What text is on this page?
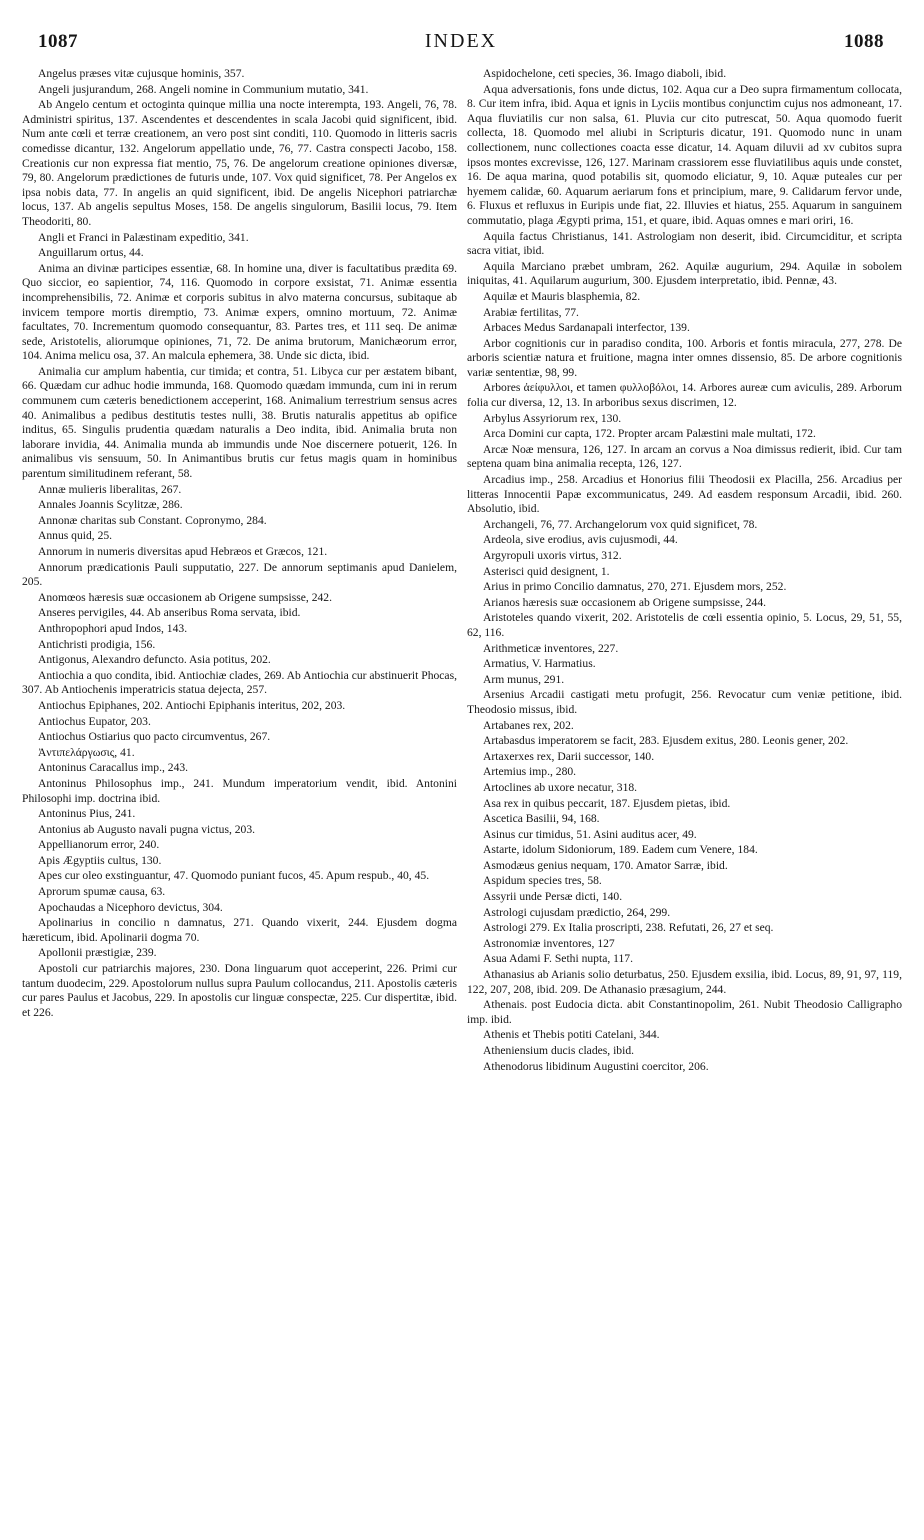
1087	INDEX	1088

Angelus præses vitæ cujusque hominis, 357.

Angeli jusjurandum, 268. Angeli nomine in Communium mutatio, 341.

Ab Angelo centum et octoginta quinque millia una nocte interempta, 193. Angeli, 76, 78. Administri spiritus, 137. Ascendentes et descendentes in scala Jacobi quid significent, ibid. Num ante cœli et terræ creationem, an vero post sint conditi, 110. Quomodo in litteris sacris comedisse dicantur, 132. Angelorum appellatio unde, 76, 77. Castra conspecti Jacobo, 158. Creationis cur non expressa fiat mentio, 75, 76. De angelorum creatione opiniones diversæ, 79, 80. Angelorum prædictiones de futuris unde, 107. Vox quid significet, 78. Per Angelos ex ipsa nobis data, 77. In angelis an quid significent, ibid. De angelis Nicephori patriarchæ locus, 137. Ab angelis sepultus Moses, 158. De angelis singulorum, Basilii locus, 79. Item Theodoriti, 80.

Angli et Franci in Palæstinam expeditio, 341.

Anguillarum ortus, 44.

Anima an divinæ participes essentiæ, 68. In homine una, diver is facultatibus prædita 69. Quo siccior, eo sapientior, 74, 116. Quomodo in corpore exsistat, 71. Animæ essentia incomprehensibilis, 72. Animæ et corporis subitus in alvo materna concursus, subitaque ab invicem tempore mortis diremptio, 73. Animæ expers, omnino mortuum, 72. Animæ facultates, 70. Incrementum quomodo consequantur, 83. Partes tres, et 111 seq. De animæ sede, Aristotelis, aliorumque opiniones, 71, 72. De anima brutorum, Manichæorum error, 104. Anima melicu osa, 37. An malcula ephemera, 38. Unde sic dicta, ibid.

Animalia cur amplum habentia, cur timida; et contra, 51. Libyca cur per æstatem bibant, 66. Quædam cur adhuc hodie immunda, 168. Quomodo quædam immunda, cum ini in rerum communem cum cæteris benedictionem acceperint, 168. Animalium terrestrium sensus acres 40. Animalibus a pedibus destitutis testes nulli, 38. Brutis naturalis appetitus ab opifice inditus, 65. Singulis prudentia quædam naturalis a Deo indita, ibid. Animalia bruta non laborare invidia, 44. Animalia munda ab immundis unde Noe discernere potuerit, 126. In animalibus vis sensuum, 50. In Animantibus brutis cur fetus magis quam in hominibus parentum similitudinem referant, 58.

Annæ mulieris liberalitas, 267.

Annales Joannis Scylitzæ, 286.

Annonæ charitas sub Constant. Copronymo, 284.

Annus quid, 25.

Annorum in numeris diversitas apud Hebræos et Græcos, 121.

Annorum prædicationis Pauli supputatio, 227. De annorum septimanis apud Danielem, 205.

Anomœos hæresis suæ occasionem ab Origene sumpsisse, 242.

Anseres pervigiles, 44. Ab anseribus Roma servata, ibid.

Anthropophori apud Indos, 143.

Antichristi prodigia, 156.

Antigonus, Alexandro defuncto. Asia potitus, 202.

Antiochia a quo condita, ibid. Antiochiæ clades, 269. Ab Antiochia cur abstinuerit Phocas, 307. Ab Antiochenis imperatricis statua dejecta, 257.

Antiochus Epiphanes, 202. Antiochi Epiphanis interitus, 202, 203.

Antiochus Eupator, 203.

Antiochus Ostiarius quo pacto circumventus, 267.

Ἀντιπελάργωσις, 41.

Antoninus Caracallus imp., 243.

Antoninus Philosophus imp., 241. Mundum imperatorium vendit, ibid. Antonini Philosophi imp. doctrina ibid.

Antoninus Pius, 241.

Antonius ab Augusto navali pugna victus, 203.

Appellianorum error, 240.

Apis Ægyptiis cultus, 130.

Apes cur oleo exstinguantur, 47. Quomodo puniant fucos, 45. Apum respub., 40, 45.

Aprorum spumæ causa, 63.

Apochaudas a Nicephoro devictus, 304.

Apolinarius in concilio n damnatus, 271. Quando vixerit, 244. Ejusdem dogma hæreticum, ibid. Apolinarii dogma 70.

Apollonii præstigiæ, 239.

Apostoli cur patriarchis majores, 230. Dona linguarum quot acceperint, 226. Primi cur tantum duodecim, 229. Apostolorum nullus supra Paulum collocandus, 211. Apostolis cæteris cur pares Paulus et Jacobus, 229. In apostolis cur linguæ conspectæ, 225. Cur dispertitæ, ibid. et 226.

Aspidochelone, ceti species, 36. Imago diaboli, ibid.

Aqua adversationis, fons unde dictus, 102. Aqua cur a Deo supra firmamentum collocata, 8. Cur item infra, ibid. Aqua et ignis in Lyciis montibus conjunctim cujus nos admoneant, 17. Aqua fluviatilis cur non salsa, 61. Pluvia cur cito putrescat, 50. Aqua quomodo fuerit collecta, 18. Quomodo mel aliubi in Scripturis dicatur, 191. Quomodo nunc in unam collectionem, nunc collectiones coacta esse dicatur, 14. Aquam diluvii ad xv cubitos supra ipsos montes excrevisse, 126, 127. Marinam crassiorem esse fluviatilibus aquis unde constet, 16. De aqua marina, quod potabilis sit, quomodo eliciatur, 9, 10. Aquæ puteales cur per hyemem calidæ, 60. Aquarum aeriarum fons et principium, mare, 9. Calidarum fervor unde, 6. Fluxus et refluxus in Euripis unde fiat, 22. Illuvies et hiatus, 255. Aquarum in sanguinem commutatio, plaga Ægypti prima, 151, et quare, ibid. Aquas omnes e mari oriri, 16.

Aquila factus Christianus, 141. Astrologiam non deserit, ibid. Circumciditur, et scripta sacra vitiat, ibid.

Aquila Marciano præbet umbram, 262. Aquilæ augurium, 294. Aquilæ in sobolem iniquitas, 41. Aquilarum augurium, 300. Ejusdem interpretatio, ibid. Pennæ, 43.

Aquilæ et Mauris blasphemia, 82.

Arabiæ fertilitas, 77.

Arbaces Medus Sardanapali interfector, 139.

Arbor cognitionis cur in paradiso condita, 100. Arboris et fontis miracula, 277, 278. De arboris scientiæ natura et fruitione, magna inter omnes dissensio, 85. De arbore cognitionis variæ sententiæ, 98, 99.

Arbores ἀείφυλλοι, et tamen φυλλοβόλοι, 14. Arbores aureæ cum aviculis, 289. Arborum folia cur diversa, 12, 13. In arboribus sexus discrimen, 12.

Arbylus Assyriorum rex, 130.

Arca Domini cur capta, 172. Propter arcam Palæstini male multati, 172.

Arcæ Noæ mensura, 126, 127. In arcam an corvus a Noa dimissus redierit, ibid. Cur tam septena quam bina animalia recepta, 126, 127.

Arcadius imp., 258. Arcadius et Honorius filii Theodosii ex Placilla, 256. Arcadius per litteras Innocentii Papæ excommunicatus, 249. Ad easdem responsum Arcadii, ibid. 260. Absolutio, ibid.

Archangeli, 76, 77. Archangelorum vox quid significet, 78.

Ardeola, sive erodius, avis cujusmodi, 44.

Argyropuli uxoris virtus, 312.

Asterisci quid designent, 1.

Arius in primo Concilio damnatus, 270, 271. Ejusdem mors, 252.

Arianos hæresis suæ occasionem ab Origene sumpsisse, 244.

Aristoteles quando vixerit, 202. Aristotelis de cœli essentia opinio, 5. Locus, 29, 51, 55, 62, 116.

Arithmeticæ inventores, 227.

Armatius, V. Harmatius.

Arm munus, 291.

Arsenius Arcadii castigati metu profugit, 256. Revocatur cum veniæ petitione, ibid. Theodosio missus, ibid.

Artabanes rex, 202.

Artabasdus imperatorem se facit, 283. Ejusdem exitus, 280. Leonis gener, 202.

Artaxerxes rex, Darii successor, 140.

Artemius imp., 280.

Artoclines ab uxore necatur, 318.

Asa rex in quibus peccarit, 187. Ejusdem pietas, ibid.

Ascetica Basilii, 94, 168.

Asinus cur timidus, 51. Asini auditus acer, 49.

Astarte, idolum Sidoniorum, 189. Eadem cum Venere, 184.

Asmodæus genius nequam, 170. Amator Sarræ, ibid.

Aspidum species tres, 58.

Assyrii unde Persæ dicti, 140.

Astrologi cujusdam prædictio, 264, 299.

Astrologi 279. Ex Italia proscripti, 238. Refutati, 26, 27 et seq.

Astronomiæ inventores, 127

Asua Adami F. Sethi nupta, 117.

Athanasius ab Arianis solio deturbatus, 250. Ejusdem exsilia, ibid. Locus, 89, 91, 97, 119, 122, 207, 208, ibid. 209. De Athanasio præsagium, 244.

Athenais. post Eudocia dicta. abit Constantinopolim, 261. Nubit Theodosio Calligrapho imp. ibid.

Athenis et Thebis potiti Catelani, 344.

Atheniensium ducis clades, ibid.

Athenodorus libidinum Augustini coercitor, 206.
